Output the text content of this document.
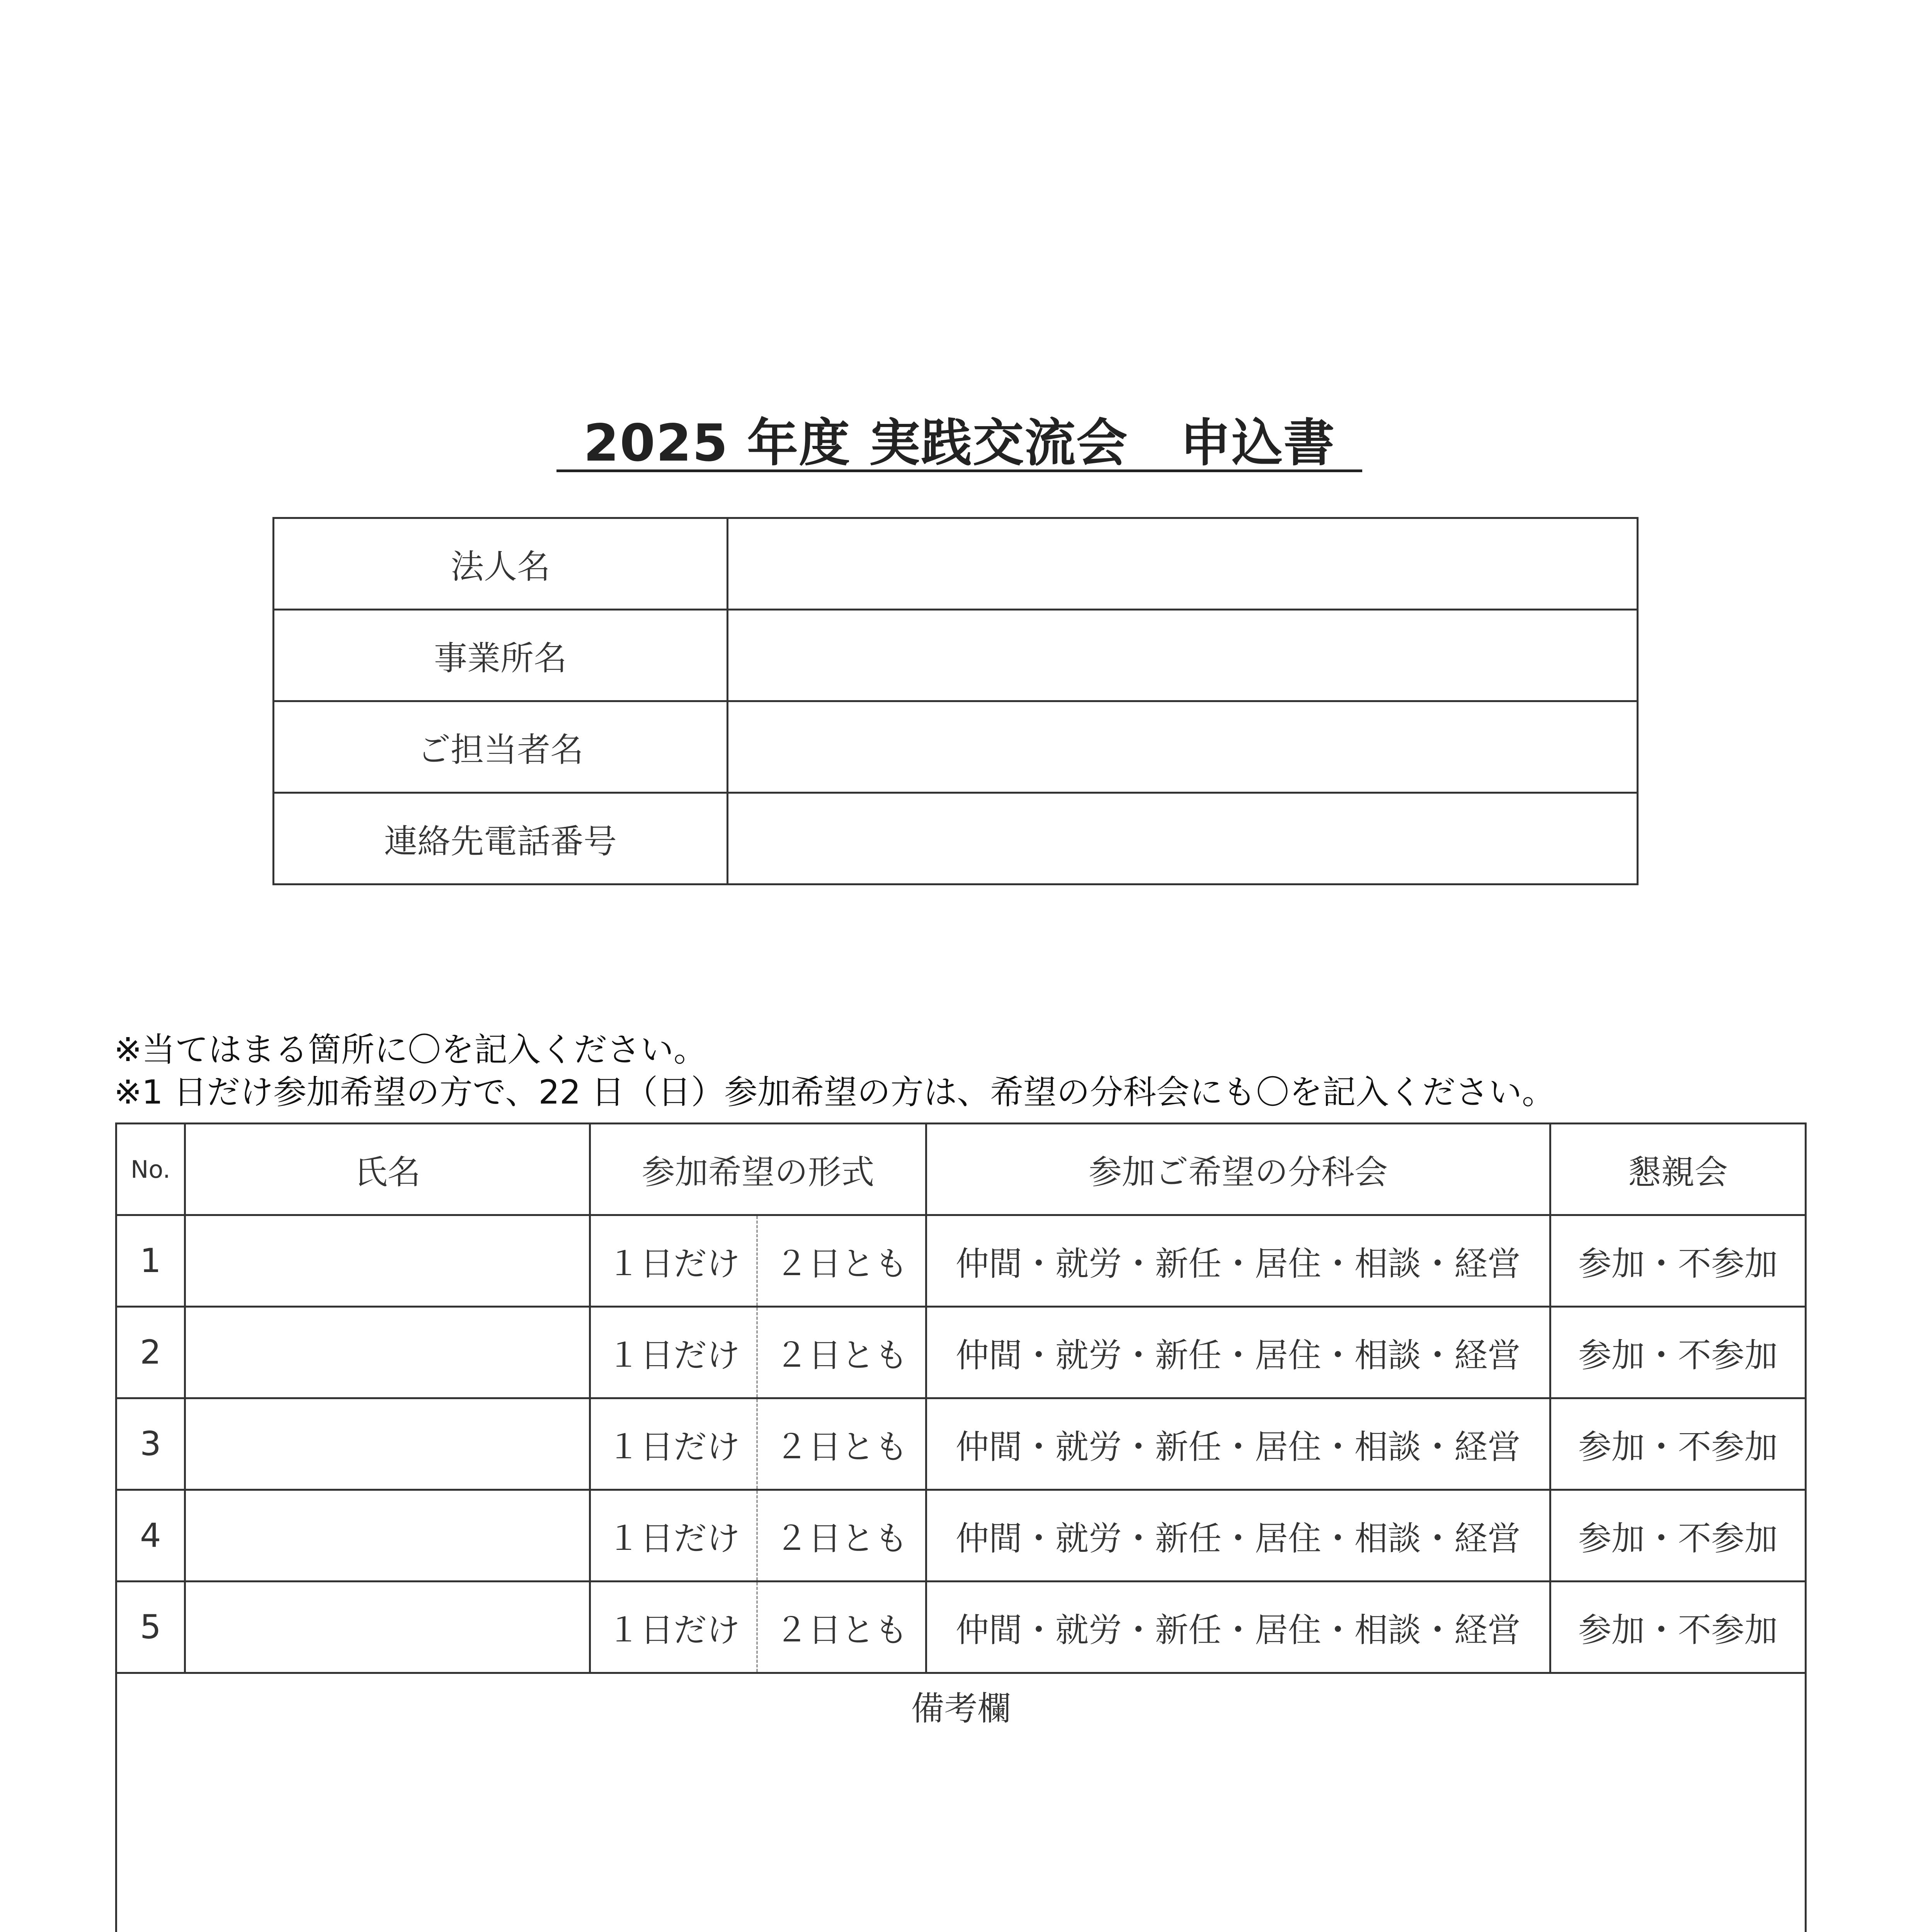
2025 年度 実践交流会　申込書
法人名	
事業所名	
ご担当者名	
連絡先電話番号	
※当てはまる箇所に〇を記入ください。
※1 日だけ参加希望の方で、22 日（日）参加希望の方は、希望の分科会にも〇を記入ください。
No.	氏名	参加希望の形式		参加ご希望の分科会	懇親会
1		１日だけ	２日とも	仲間・就労・新任・居住・相談・経営	参加・不参加
2		１日だけ	２日とも	仲間・就労・新任・居住・相談・経営	参加・不参加
3		１日だけ	２日とも	仲間・就労・新任・居住・相談・経営	参加・不参加
4		１日だけ	２日とも	仲間・就労・新任・居住・相談・経営	参加・不参加
5		１日だけ	２日とも	仲間・就労・新任・居住・相談・経営	参加・不参加
備考欄					
